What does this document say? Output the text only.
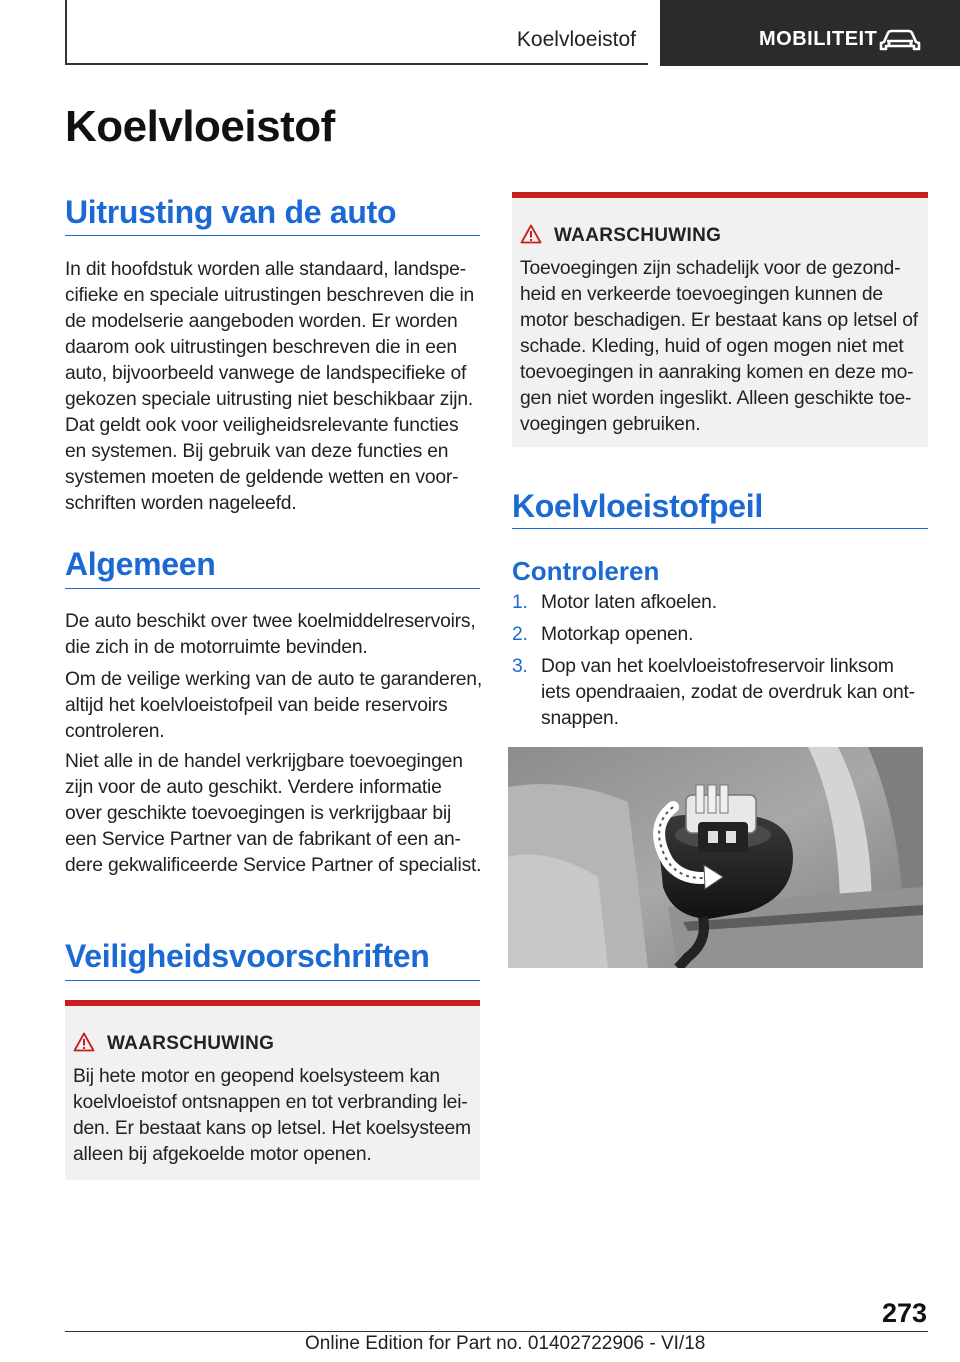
Koelvloeistof	MOBILITEIT
Koelvloeistof
Uitrusting van de auto

In dit hoofdstuk worden alle standaard, landspecifieke en speciale uitrustingen beschreven die in de modelserie aangeboden worden. Er worden daarom ook uitrustingen beschreven die in een auto, bijvoorbeeld vanwege de landspecifieke of gekozen speciale uitrusting niet beschikbaar zijn. Dat geldt ook voor veiligheidsrelevante functies en systemen. Bij gebruik van deze functies en systemen moeten de geldende wetten en voorschriften worden nageleefd.

Algemeen

De auto beschikt over twee koelmiddelreservoirs, die zich in de motorruimte bevinden.

Om de veilige werking van de auto te garanderen, altijd het koelvloeistofpeil van beide reservoirs controleren.

Niet alle in de handel verkrijgbare toevoegingen zijn voor de auto geschikt. Verdere informatie over geschikte toevoegingen is verkrijgbaar bij een Service Partner van de fabrikant of een andere gekwalificeerde Service Partner of specialist.

Veiligheidsvoorschriften
WAARSCHUWING

Bij hete motor en geopend koelsysteem kan koelvloeistof ontsnappen en tot verbranding leiden. Er bestaat kans op letsel. Het koelsysteem alleen bij afgekoelde motor openen.

WAARSCHUWING

Toevoegingen zijn schadelijk voor de gezondheid en verkeerde toevoegingen kunnen de motor beschadigen. Er bestaat kans op letsel of schade. Kleding, huid of ogen mogen niet met toevoegingen in aanraking komen en deze mogen niet worden ingeslikt. Alleen geschikte toevoegingen gebruiken.

Koelvloeistofpeil
Controleren
1. Motor laten afkoelen.
2. Motorkap openen.
3. Dop van het koelvloeistofreservoir linksom iets opendraaien, zodat de overdruk kan ontsnappen.
273
Online Edition for Part no. 01402722906 - VI/18
